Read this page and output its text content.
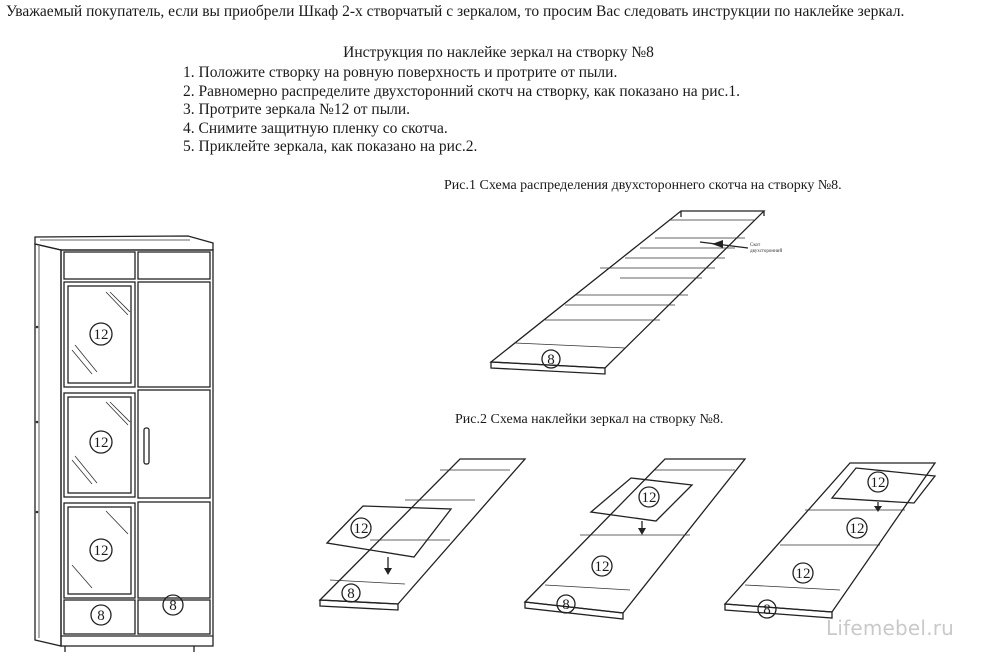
Уважаемый покупатель, если вы приобрели Шкаф 2-х створчатый с зеркалом, то просим Вас следовать инструкции по наклейке зеркал.
Инструкция по наклейке зеркал на створку №8
1. Положите створку на ровную поверхность и протрите от пыли.
2. Равномерно распределите двухсторонний скотч на створку, как показано на рис.1.
3. Протрите зеркала №12 от пыли.
4. Снимите защитную пленку со скотча.
5. Приклейте зеркала, как показано на рис.2.
Рис.1 Схема распределения двухстороннего скотча на створку №8.
Рис.2 Схема наклейки зеркал на створку №8.
12
12
12
8
8
Скот
двухсторонний
8
12
8
12
12
8
12
12
12
8
Lifemebel.ru
